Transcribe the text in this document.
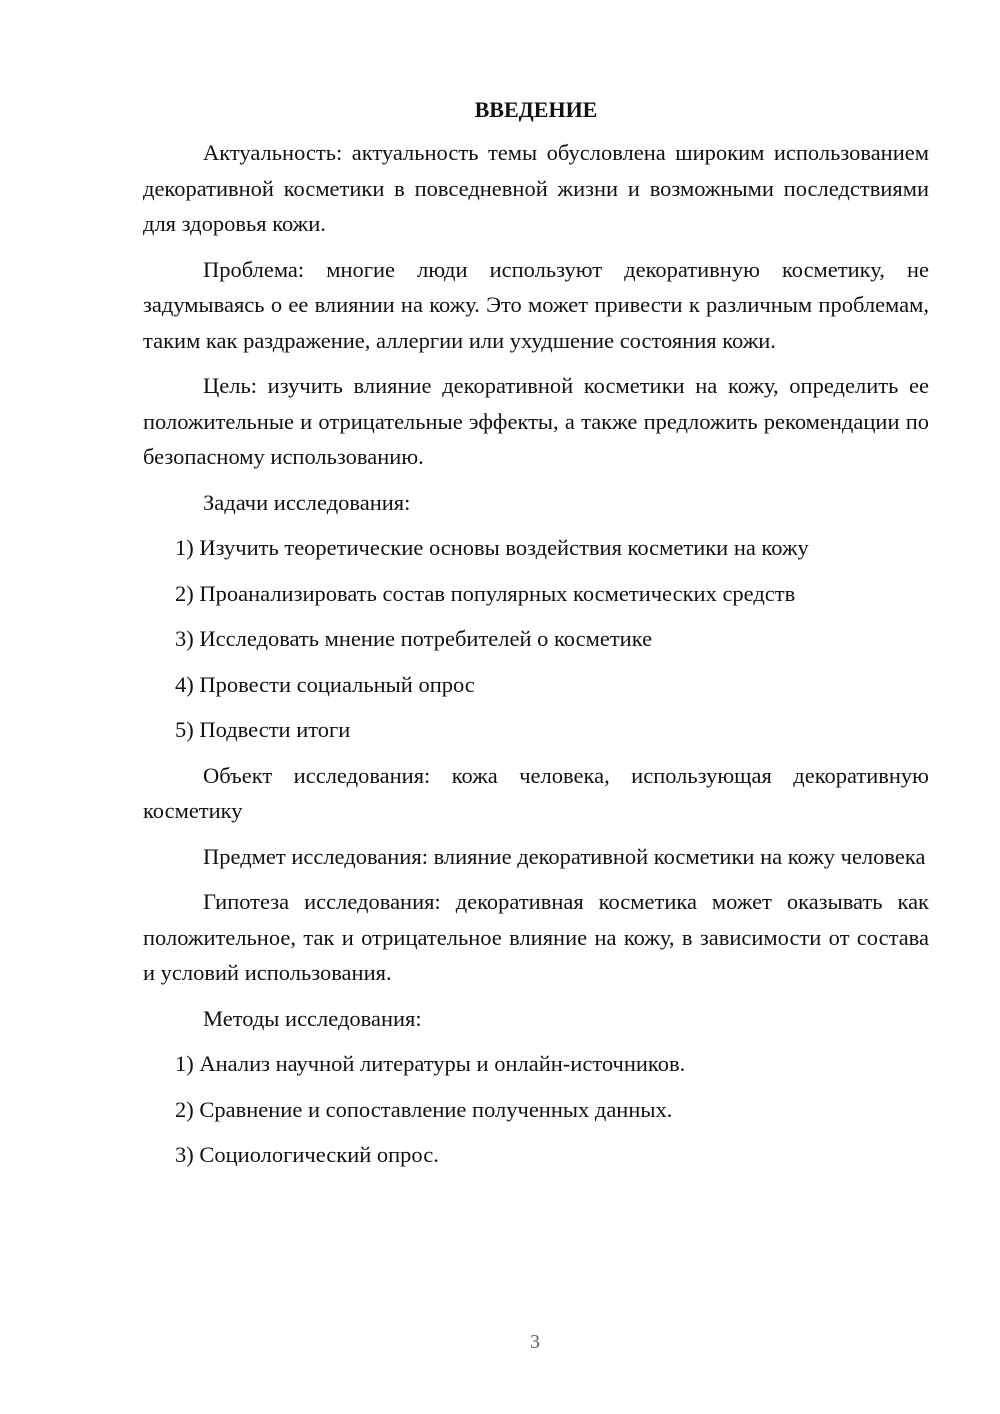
ВВЕДЕНИЕ

Актуальность: актуальность темы обусловлена широким использованием декоративной косметики в повседневной жизни и возможными последствиями для здоровья кожи.

Проблема: многие люди используют декоративную косметику, не задумываясь о ее влиянии на кожу. Это может привести к различным проблемам, таким как раздражение, аллергии или ухудшение состояния кожи.

Цель: изучить влияние декоративной косметики на кожу, определить ее положительные и отрицательные эффекты, а также предложить рекомендации по безопасному использованию.

Задачи исследования:

1) Изучить теоретические основы воздействия косметики на кожу
2) Проанализировать состав популярных косметических средств
3) Исследовать мнение потребителей о косметике
4) Провести социальный опрос
5) Подвести итоги

Объект исследования: кожа человека, использующая декоративную косметику

Предмет исследования: влияние декоративной косметики на кожу человека

Гипотеза исследования: декоративная косметика может оказывать как положительное, так и отрицательное влияние на кожу, в зависимости от состава и условий использования.

Методы исследования:

1) Анализ научной литературы и онлайн-источников.
2) Сравнение и сопоставление полученных данных.
3) Социологический опрос.
3
